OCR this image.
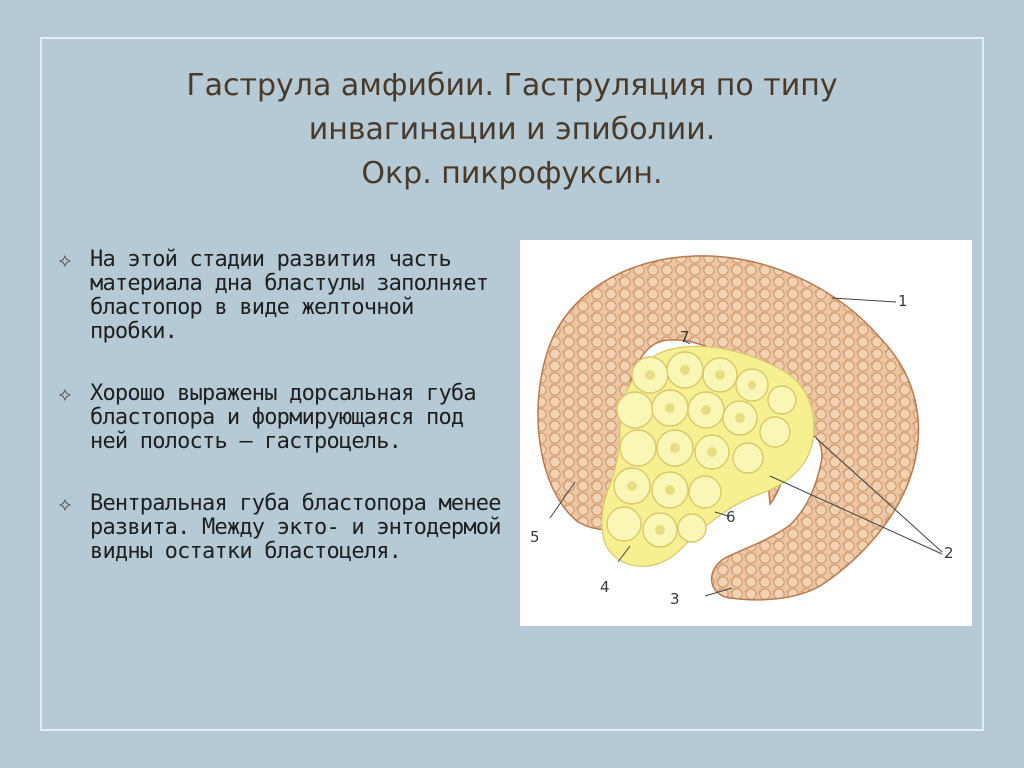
Гаструла амфибии. Гаструляция по типу
инвагинации и эпиболии.
Окр. пикрофуксин.
На этой стадии развития часть материала дна бластулы заполняет бластопор в виде желточной пробки.
Хорошо выражены дорсальная губа бластопора и формирующаяся под ней полость – гастроцель.
Вентральная губа бластопора менее развита. Между экто- и энтодермой видны остатки бластоцеля.
1
2
3
4
5
6
7
